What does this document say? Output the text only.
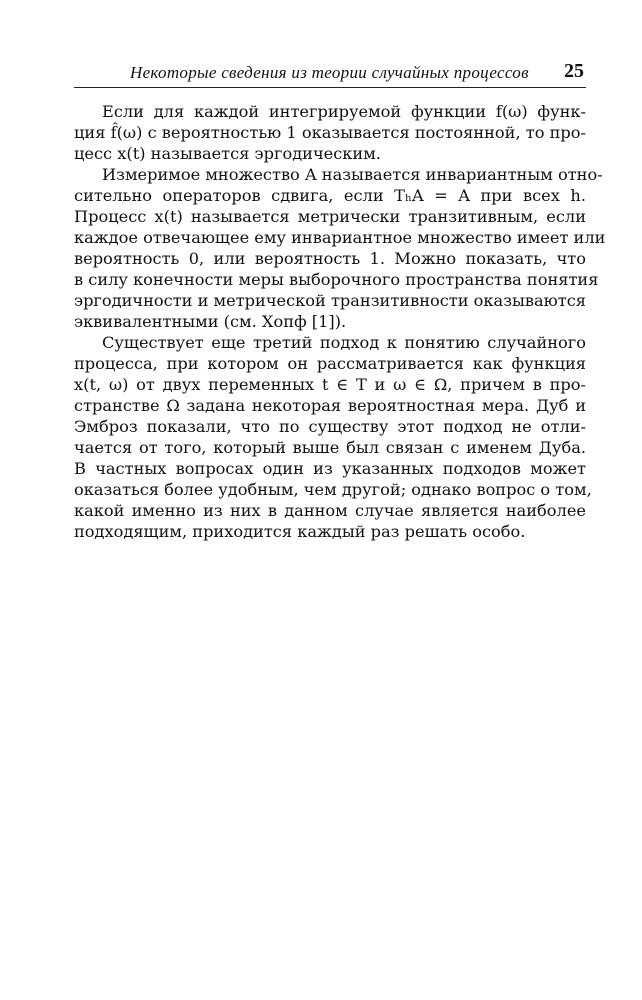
Некоторые сведения из теории случайных процессов 25
Если для каждой интегрируемой функции f(ω) функ-
ция f̂(ω) с вероятностью 1 оказывается постоянной, то про-
цесс x(t) называется эргодическим.
Измеримое множество A называется инвариантным отно-
сительно операторов сдвига, если TₕA = A при всех h.
Процесс x(t) называется метрически транзитивным, если
каждое отвечающее ему инвариантное множество имеет или
вероятность 0, или вероятность 1. Можно показать, что
в силу конечности меры выборочного пространства понятия
эргодичности и метрической транзитивности оказываются
эквивалентными (см. Хопф [1]).
Существует еще третий подход к понятию случайного
процесса, при котором он рассматривается как функция
x(t, ω) от двух переменных t ∈ T и ω ∈ Ω, причем в про-
странстве Ω задана некоторая вероятностная мера. Дуб и
Эмброз показали, что по существу этот подход не отли-
чается от того, который выше был связан с именем Дуба.
В частных вопросах один из указанных подходов может
оказаться более удобным, чем другой; однако вопрос о том,
какой именно из них в данном случае является наиболее
подходящим, приходится каждый раз решать особо.
